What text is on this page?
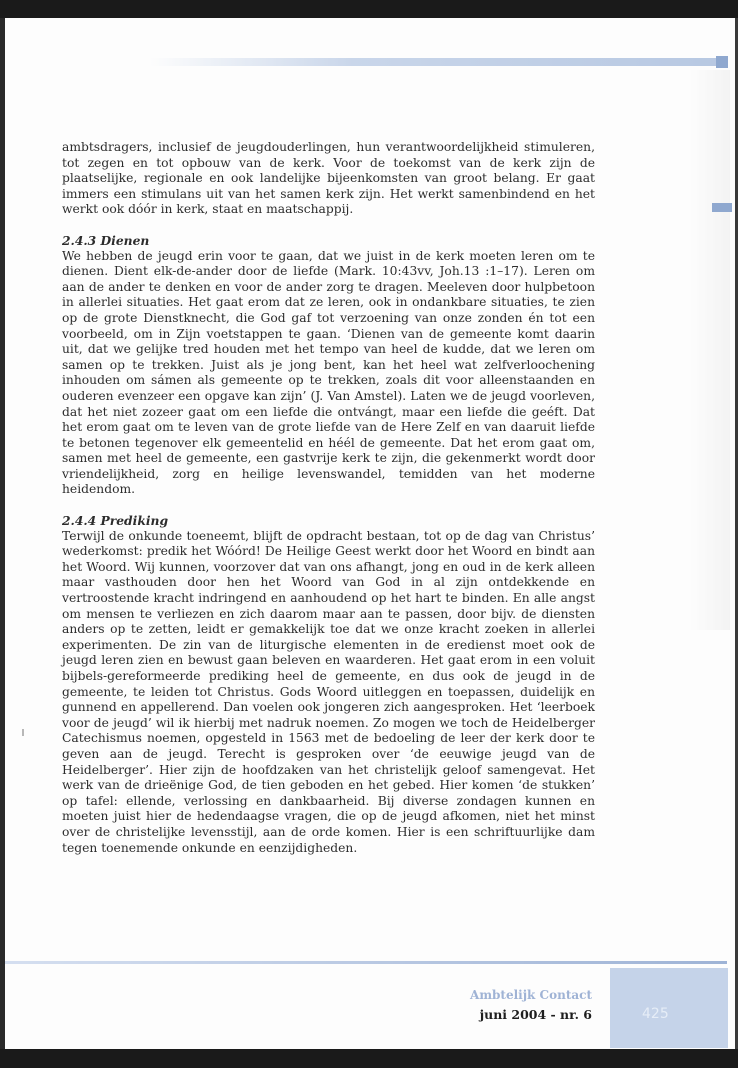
ambtsdragers, inclusief de jeugdouderlingen, hun verantwoordelijkheid stimuleren, tot zegen en tot opbouw van de kerk. Voor de toekomst van de kerk zijn de plaatselijke, regionale en ook landelijke bijeenkomsten van groot belang. Er gaat immers een stimulans uit van het samen kerk zijn. Het werkt samenbindend en het werkt ook dóór in kerk, staat en maatschappij.

2.4.3 Dienen

We hebben de jeugd erin voor te gaan, dat we juist in de kerk moeten leren om te dienen. Dient elk-de-ander door de liefde (Mark. 10:43vv, Joh.13 :1–17). Leren om aan de ander te denken en voor de ander zorg te dragen. Meeleven door hulpbetoon in allerlei situaties. Het gaat erom dat ze leren, ook in ondankbare situaties, te zien op de grote Dienstknecht, die God gaf tot verzoening van onze zonden én tot een voorbeeld, om in Zijn voetstappen te gaan. ‘Dienen van de gemeente komt daarin uit, dat we gelijke tred houden met het tempo van heel de kudde, dat we leren om samen op te trekken. Juist als je jong bent, kan het heel wat zelfverloochening inhouden om sámen als gemeente op te trekken, zoals dit voor alleenstaanden en ouderen evenzeer een opgave kan zijn’ (J. Van Amstel). Laten we de jeugd voorleven, dat het niet zozeer gaat om een liefde die ontvángt, maar een liefde die geéft. Dat het erom gaat om te leven van de grote liefde van de Here Zelf en van daaruit liefde te betonen tegenover elk gemeentelid en héél de gemeente. Dat het erom gaat om, samen met heel de gemeente, een gastvrije kerk te zijn, die gekenmerkt wordt door vriendelijkheid, zorg en heilige levenswandel, temidden van het moderne heidendom.

2.4.4 Prediking

Terwijl de onkunde toeneemt, blijft de opdracht bestaan, tot op de dag van Christus’ wederkomst: predik het Wóórd! De Heilige Geest werkt door het Woord en bindt aan het Woord. Wij kunnen, voorzover dat van ons afhangt, jong en oud in de kerk alleen maar vasthouden door hen het Woord van God in al zijn ontdekkende en vertroostende kracht indringend en aanhoudend op het hart te binden. En alle angst om mensen te verliezen en zich daarom maar aan te passen, door bijv. de diensten anders op te zetten, leidt er gemakkelijk toe dat we onze kracht zoeken in allerlei experimenten. De zin van de liturgische elementen in de eredienst moet ook de jeugd leren zien en bewust gaan beleven en waarderen. Het gaat erom in een voluit bijbels-gereformeerde prediking heel de gemeente, en dus ook de jeugd in de gemeente, te leiden tot Christus. Gods Woord uitleggen en toepassen, duidelijk en gunnend en appellerend. Dan voelen ook jongeren zich aangesproken. Het ‘leerboek voor de jeugd’ wil ik hierbij met nadruk noemen. Zo mogen we toch de Heidelberger Catechismus noemen, opgesteld in 1563 met de bedoeling de leer der kerk door te geven aan de jeugd. Terecht is gesproken over ‘de eeuwige jeugd van de Heidelberger’. Hier zijn de hoofdzaken van het christelijk geloof samengevat. Het werk van de drieënige God, de tien geboden en het gebed. Hier komen ‘de stukken’ op tafel: ellende, verlossing en dankbaarheid. Bij diverse zondagen kunnen en moeten juist hier de hedendaagse vragen, die op de jeugd afkomen, niet het minst over de christelijke levensstijl, aan de orde komen. Hier is een schriftuurlijke dam tegen toenemende onkunde en eenzijdigheden.

Ambtelijk Contact
juni 2004 - nr. 6	425
